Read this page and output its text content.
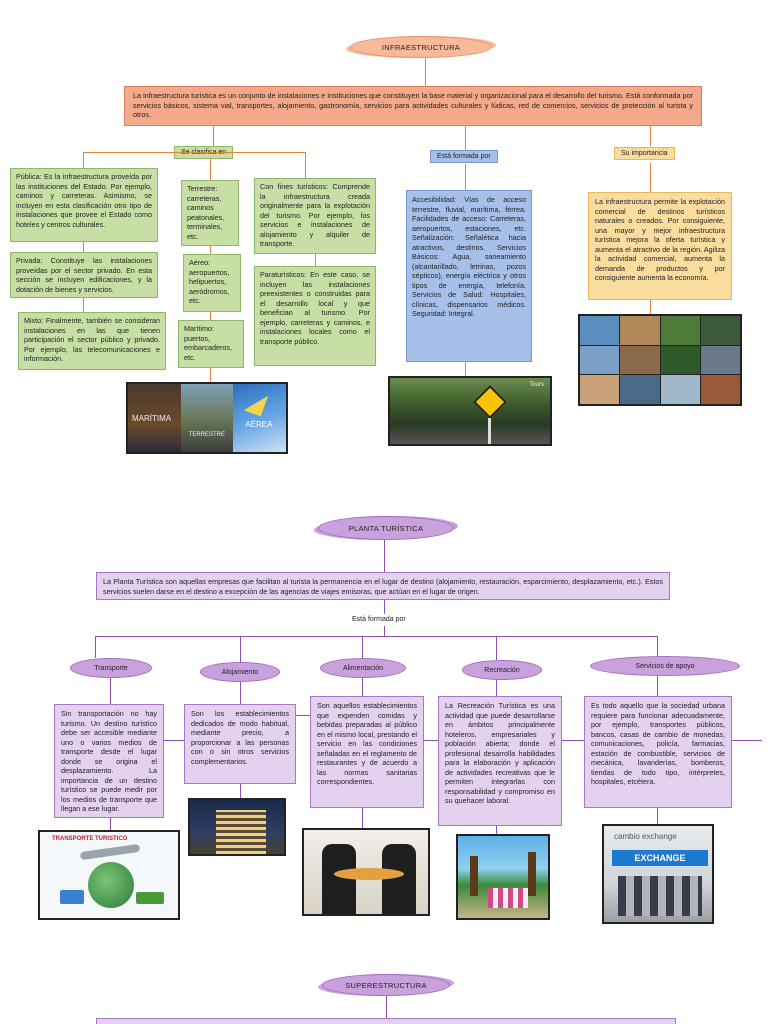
INFRAESTRUCTURA
La infraestructura turística es un conjunto de instalaciones e instituciones que constituyen la base material y organizacional para el desarrollo del turismo. Está conformada por servicios básicos, sistema vial, transportes, alojamiento, gastronomía, servicios para actividades culturales y lúdicas, red de comercios, servicios de protección al turista y otros.
Está formada por	Su importancia
Pública: Es la infraestructura proveída por las instituciones del Estado. Por ejemplo, caminos y carreteras. Asimismo, se incluyen en esta clasificación otro tipo de instalaciones que provee el Estado como hoteles y centros culturales.
Privada: Constituye las instalaciones proveídas por el sector privado. En esta sección se incluyen edificaciones, y la dotación de bienes y servicios.
Mixto: Finalmente, también se consideran instalaciones en las que tienen participación el sector público y privado. Por ejemplo, las telecomunicaciones e información.
Terrestre: carreteras, caminos peatonales, terminales, etc.
Aéreo: aeropuertos, helipuertos, aeródromos, etc.
Marítimo: puertos, embarcaderos, etc.
Con fines turísticos: Comprende la infraestructura creada originalmente para la explotación del turismo. Por ejemplo, los servicios e instalaciones de alojamiento y alquiler de transporte.
Paraturísticos: En este caso, se incluyen las instalaciones preexistentes o construidas para el desarrollo local y que benefician al turismo. Por ejemplo, carreteras y caminos, e instalaciones locales como el transporte público.
Accesibilidad: Vías de acceso terrestre, fluvial, marítima, férrea. Facilidades de acceso: Carreteras, aeropuertos, estaciones, etc. Señalización: Señalética hacia atractivos, destinos. Servicios Básicos: Agua, saneamiento (alcantarillado, letrinas, pozos sépticos), energía eléctrica y otros tipos de energía, telefonía. Servicios de Salud: Hospitales, clínicas, dispensarios médicos. Seguridad: Integral.
La infraestructura permite la explotación comercial de destinos turísticos naturales o creados. Por consiguiente, una mayor y mejor infraestructura turística mejora la oferta turística y aumenta el atractivo de la región. Agiliza la actividad comercial, aumenta la demanda de productos y por consiguiente aumenta la economía.
MARÍTIMA
TERRESTRE
AÉREA
Tours
PLANTA TURÍSTICA
La Planta Turística son aquellas empresas que facilitan al turista la permanencia en el lugar de destino (alojamiento, restauración, esparcimiento, desplazamiento, etc.). Estos servicios suelen darse en el destino a excepción de las agencias de viajes emisoras, que actúan en el lugar de origen.
Está formada por
Transporte
Alojamiento
Alimentación	Recreación
Servicios de apoyo
Sin transportación no hay turismo. Un destino turístico debe ser accesible mediante uno o varios medios de transporte desde el lugar donde se origina el desplazamiento. La importancia de un destino turístico se puede medir por los medios de transporte que llegan a ese lugar.
Son los establecimientos dedicados de modo habitual, mediante precio, a proporcionar a las personas con o sin otros servicios complementarios.
Son aquellos establecimientos que expenden comidas y bebidas preparadas al público en el mismo local, prestando el servicio en las condiciones señaladas en el reglamento de restaurantes y de acuerdo a las normas sanitarias correspondientes.
La Recreación Turística es una actividad que puede desarrollarse en ámbitos principalmente hoteleros, empresariales y población abierta; donde el profesional desarrolla habilidades para la elaboración y aplicación de actividades recreativas que le permiten integrarlas con responsabilidad y compromiso en su quehacer laboral.
Es todo aquello que la sociedad urbana requiere para funcionar adecuadamente, por ejemplo, transportes públicos, bancos, casas de cambio de monedas, comunicaciones, policía, farmacias, estación de combustible, servicios de mecánica, lavanderías, bomberos, tiendas de todo tipo, intérpretes, hospitales, etcétera.
TRANSPORTE TURISTICO	cambio exchange
EXCHANGE
SUPERESTRUCTURA
